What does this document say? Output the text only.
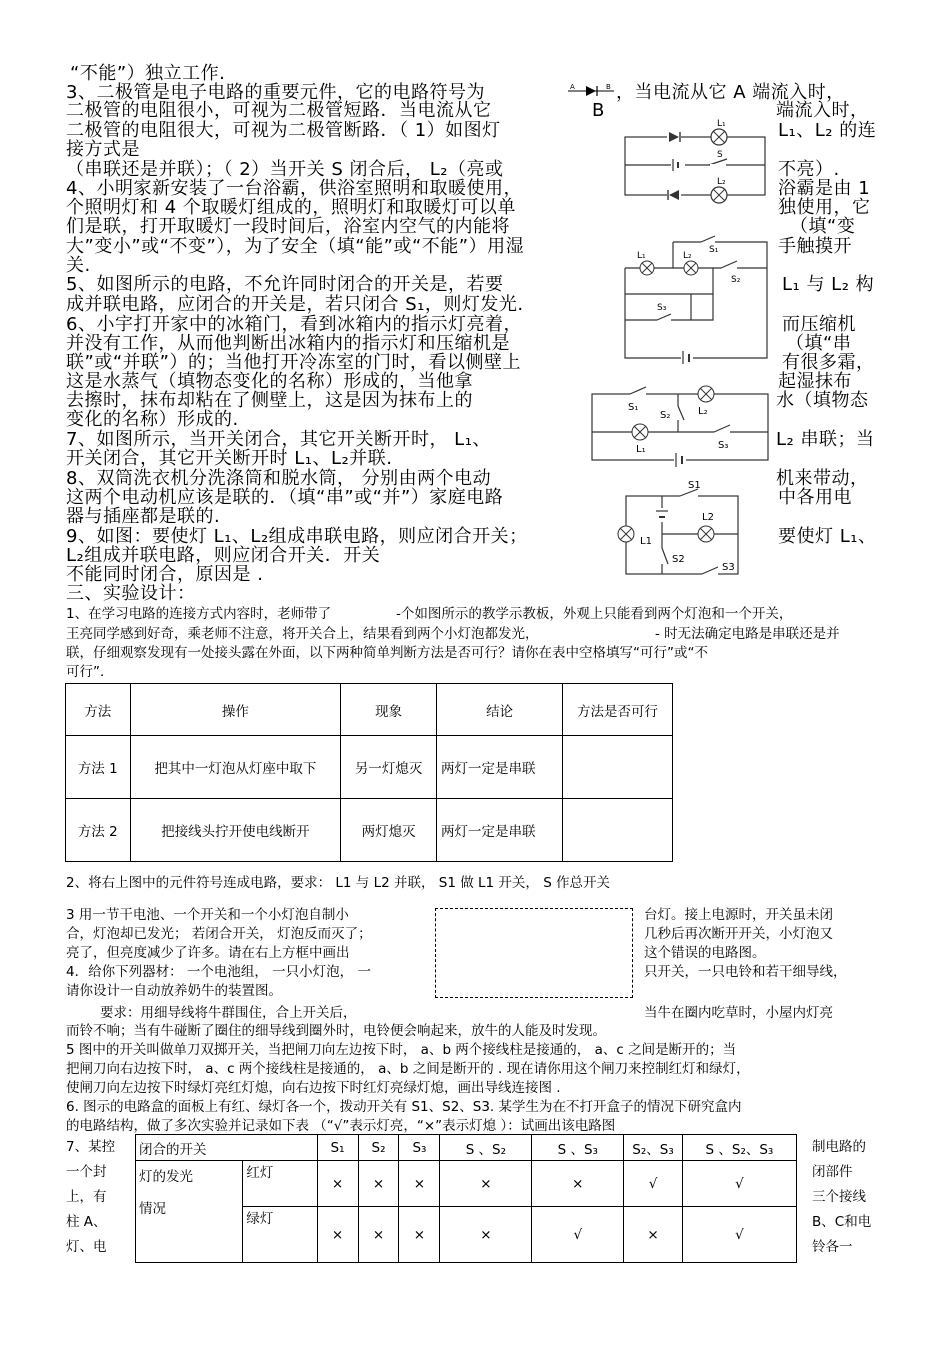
“不能”）独立工作.
3、二极管是电子电路的重要元件，它的电路符号为	A	B ，当电流从它 A 端流入时，
二极管的电阻很小，可视为二极管短路．当电流从它	B	端流入时，
二极管的电阻很大，可视为二极管断路．（ 1）如图灯	L₁、L₂ 的连
接方式是
（串联还是并联）；（ 2）当开关 S 闭合后， L₂（亮或	不亮）.
L₁
S
L₂
4、小明家新安装了一台浴霸，供浴室照明和取暖使用，	浴霸是由 1
个照明灯和 4 个取暖灯组成的，照明灯和取暖灯可以单	独使用，它
们是联，打开取暖灯一段时间后，浴室内空气的内能将	（填“变
大”变小”或“不变”），为了安全（填“能”或“不能”）用湿	手触摸开
关.
S₁
L₁	L₂
S₂
S₃
5、如图所示的电路，不允许同时闭合的开关是，若要	L₁ 与 L₂ 构
成并联电路，应闭合的开关是，若只闭合 S₁，则灯发光.
6、小宇打开家中的冰箱门，看到冰箱内的指示灯亮着，	而压缩机
并没有工作，从而他判断出冰箱内的指示灯和压缩机是	（填“串
联”或“并联”）的；当他打开冷冻室的门时，看以侧壁上	有很多霜，
这是水蒸气（填物态变化的名称）形成的，当他拿	起湿抹布
去擦时，抹布却粘在了侧壁上，这是因为抹布上的	水（填物态
变化的名称）形成的.
S₁
S₂	L₂
L₁	S₃
7、如图所示，当开关闭合，其它开关断开时， L₁、	L₂ 串联；当
开关闭合，其它开关断开时 L₁、L₂并联.
8、双筒洗衣机分洗涤筒和脱水筒， 分别由两个电动	机来带动，
这两个电动机应该是联的．（填“串”或“并”）家庭电路	中各用电
器与插座都是联的.
S1
L1
L2
S2
S3
9、如图：要使灯 L₁、L₂组成串联电路，则应闭合开关；	要使灯 L₁、
L₂组成并联电路，则应闭合开关．开关
不能同时闭合，原因是 .
三、实验设计：
1、在学习电路的连接方式内容时，老师带了	-个如图所示的教学示教板，外观上只能看到两个灯泡和一个开关，
王亮同学感到好奇，乘老师不注意，将开关合上，结果看到两个小灯泡都发光，	- 时无法确定电路是串联还是并
联，仔细观察发现有一处接头露在外面，以下两种简单判断方法是否可行？请你在表中空格填写“可行”或“不
可行”．
方法	操作	现象	结论	方法是否可行
方法 1	把其中一灯泡从灯座中取下	另一灯熄灭	两灯一定是串联	
方法 2	把接线头拧开使电线断开	两灯熄灭	两灯一定是串联	
2、将右上图中的元件符号连成电路，要求： L1 与 L2 并联， S1 做 L1 开关， S 作总开关
3 用一节干电池、一个开关和一个小灯泡自制小	台灯。接上电源时，开关虽未闭
合，灯泡却已发光； 若闭合开关， 灯泡反而灭了；	几秒后再次断开开关，小灯泡又
亮了，但亮度减少了许多。请在右上方框中画出	这个错误的电路图。
4．给你下列器材： 一个电池组， 一只小灯泡， 一	只开关，一只电铃和若干细导线，
请你设计一自动放养奶牛的装置图。
要求：用细导线将牛群围住，合上开关后，	当牛在圈内吃草时，小屋内灯亮
而铃不响；当有牛碰断了圈住的细导线到圈外时，电铃便会响起来，放牛的人能及时发现。
5 图中的开关叫做单刀双掷开关，当把闸刀向左边按下时， a、b 两个接线柱是接通的， a、c 之间是断开的；当
把闸刀向右边按下时， a、c 两个接线柱是接通的， a、b 之间是断开的 . 现在请你用这个闸刀来控制红灯和绿灯，
使闸刀向左边按下时绿灯亮红灯熄，向右边按下时红灯亮绿灯熄，画出导线连接图 .
6. 图示的电路盒的面板上有红、绿灯各一个，拨动开关有 S1、S2、S3. 某学生为在不打开盒子的情况下研究盒内
的电路结构，做了多次实验并记录如下表 （“√”表示灯亮，“×”表示灯熄 ）：试画出该电路图
7、某控
一个封
上，有
柱 A、
灯、电
制电路的
闭部件
三个接线
B、C和电
铃各一
闭合的开关		S₁	S₂	S₃	S 、S₂	S 、S₃	S₂、S₃	S 、S₂、S₃
灯的发光
情况	红灯	×	×	×	×	×	√	√
	绿灯	×	×	×	×	√	×	√
